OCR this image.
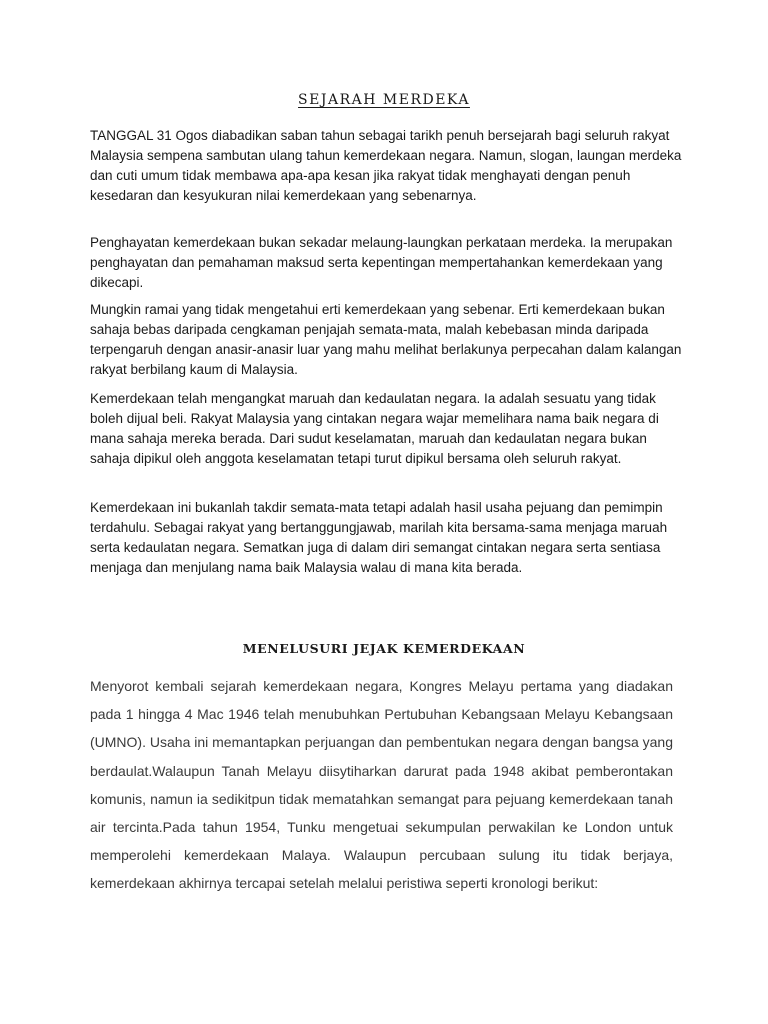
SEJARAH MERDEKA

TANGGAL 31 Ogos diabadikan saban tahun sebagai tarikh penuh bersejarah bagi seluruh rakyat Malaysia sempena sambutan ulang tahun kemerdekaan negara. Namun, slogan, laungan merdeka dan cuti umum tidak membawa apa-apa kesan jika rakyat tidak menghayati dengan penuh kesedaran dan kesyukuran nilai kemerdekaan yang sebenarnya.

Penghayatan kemerdekaan bukan sekadar melaung-laungkan perkataan merdeka. Ia merupakan penghayatan dan pemahaman maksud serta kepentingan mempertahankan kemerdekaan yang dikecapi.

Mungkin ramai yang tidak mengetahui erti kemerdekaan yang sebenar. Erti kemerdekaan bukan sahaja bebas daripada cengkaman penjajah semata-mata, malah kebebasan minda daripada terpengaruh dengan anasir-anasir luar yang mahu melihat berlakunya perpecahan dalam kalangan rakyat berbilang kaum di Malaysia.

Kemerdekaan telah mengangkat maruah dan kedaulatan negara. Ia adalah sesuatu yang tidak boleh dijual beli. Rakyat Malaysia yang cintakan negara wajar memelihara nama baik negara di mana sahaja mereka berada. Dari sudut keselamatan, maruah dan kedaulatan negara bukan sahaja dipikul oleh anggota keselamatan tetapi turut dipikul bersama oleh seluruh rakyat.

Kemerdekaan ini bukanlah takdir semata-mata tetapi adalah hasil usaha pejuang dan pemimpin terdahulu. Sebagai rakyat yang bertanggungjawab, marilah kita bersama-sama menjaga maruah serta kedaulatan negara. Sematkan juga di dalam diri semangat cintakan negara serta sentiasa menjaga dan menjulang nama baik Malaysia walau di mana kita berada.

MENELUSURI JEJAK KEMERDEKAAN

Menyorot kembali sejarah kemerdekaan negara, Kongres Melayu pertama yang diadakan pada 1 hingga 4 Mac 1946 telah menubuhkan Pertubuhan Kebangsaan Melayu Kebangsaan (UMNO). Usaha ini memantapkan perjuangan dan pembentukan negara dengan bangsa yang berdaulat.Walaupun Tanah Melayu diisytiharkan darurat pada 1948 akibat pemberontakan komunis, namun ia sedikitpun tidak mematahkan semangat para pejuang kemerdekaan tanah air tercinta.Pada tahun 1954, Tunku mengetuai sekumpulan perwakilan ke London untuk memperolehi kemerdekaan Malaya. Walaupun percubaan sulung itu tidak berjaya, kemerdekaan akhirnya tercapai setelah melalui peristiwa seperti kronologi berikut:
